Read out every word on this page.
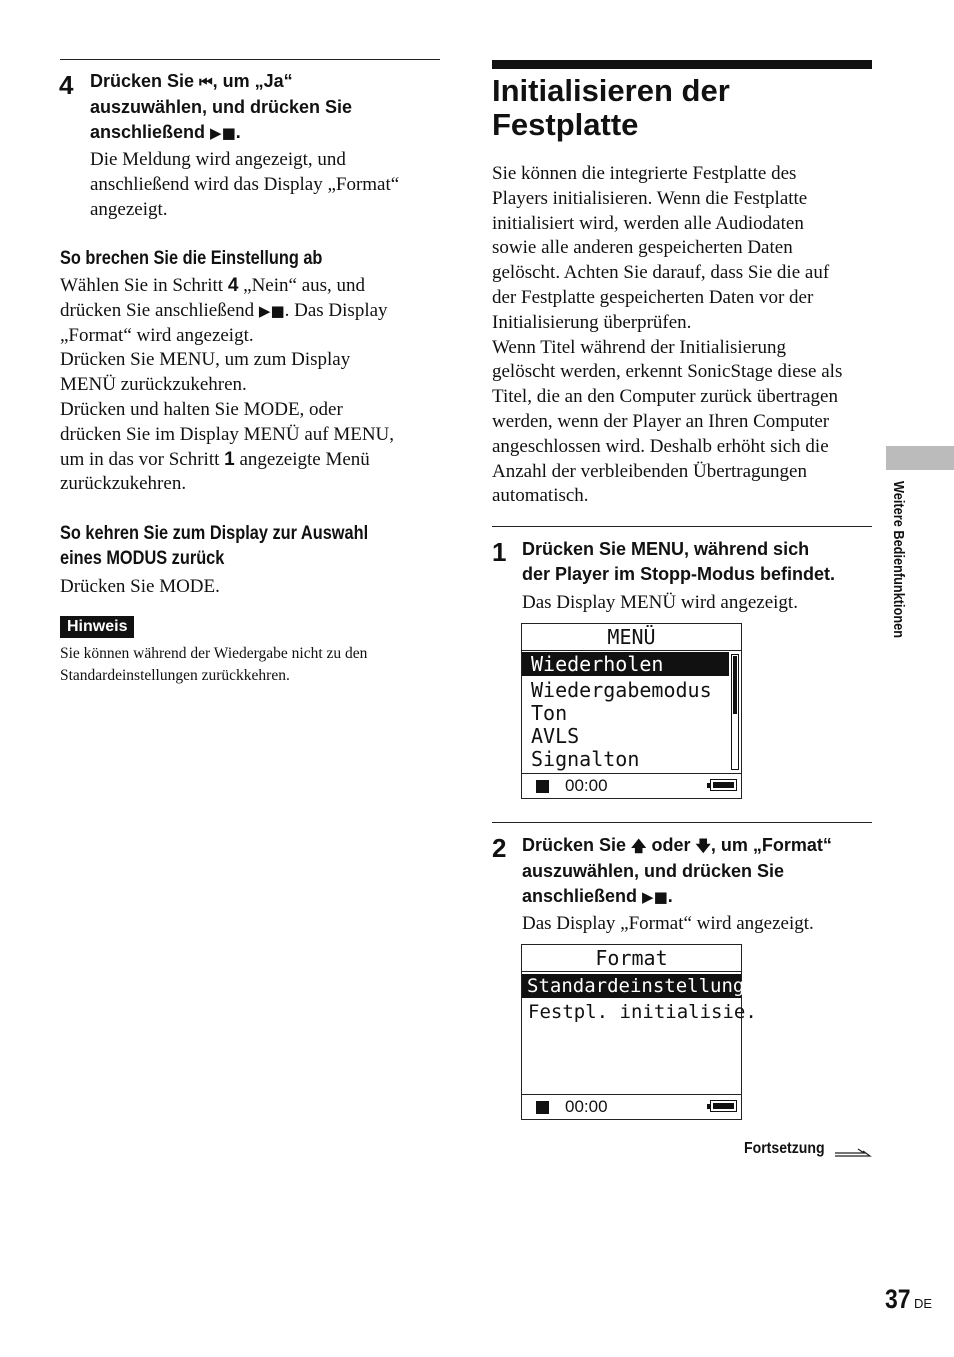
4 Drücken Sie ⏮, um „Ja“
auszuwählen, und drücken Sie
anschließend ▶■.
Die Meldung wird angezeigt, und
anschließend wird das Display „Format“
angezeigt.
So brechen Sie die Einstellung ab
Wählen Sie in Schritt 4 „Nein“ aus, und
drücken Sie anschließend ▶■. Das Display
„Format“ wird angezeigt.
Drücken Sie MENU, um zum Display
MENÜ zurückzukehren.
Drücken und halten Sie MODE, oder
drücken Sie im Display MENÜ auf MENU,
um in das vor Schritt 1 angezeigte Menü
zurückzukehren.
So kehren Sie zum Display zur Auswahl
eines MODUS zurück
Drücken Sie MODE.
Hinweis
Sie können während der Wiedergabe nicht zu den
Standardeinstellungen zurückkehren.
Initialisieren der
Festplatte
Sie können die integrierte Festplatte des
Players initialisieren. Wenn die Festplatte
initialisiert wird, werden alle Audiodaten
sowie alle anderen gespeicherten Daten
gelöscht. Achten Sie darauf, dass Sie die auf
der Festplatte gespeicherten Daten vor der
Initialisierung überprüfen.
Wenn Titel während der Initialisierung
gelöscht werden, erkennt SonicStage diese als
Titel, die an den Computer zurück übertragen
werden, wenn der Player an Ihren Computer
angeschlossen wird. Deshalb erhöht sich die
Anzahl der verbleibenden Übertragungen
automatisch.
1 Drücken Sie MENU, während sich
der Player im Stopp-Modus befindet.
Das Display MENÜ wird angezeigt.
MENÜ
Wiederholen
Wiedergabemodus
Ton
AVLS
Signalton
00:00
2 Drücken Sie 🡅 oder 🡇, um „Format“
auszuwählen, und drücken Sie
anschließend ▶■.
Das Display „Format“ wird angezeigt.
Format
Standardeinstellung
Festpl. initialisie.
00:00
Fortsetzung
Weitere Bedienfunktionen
37 DE
